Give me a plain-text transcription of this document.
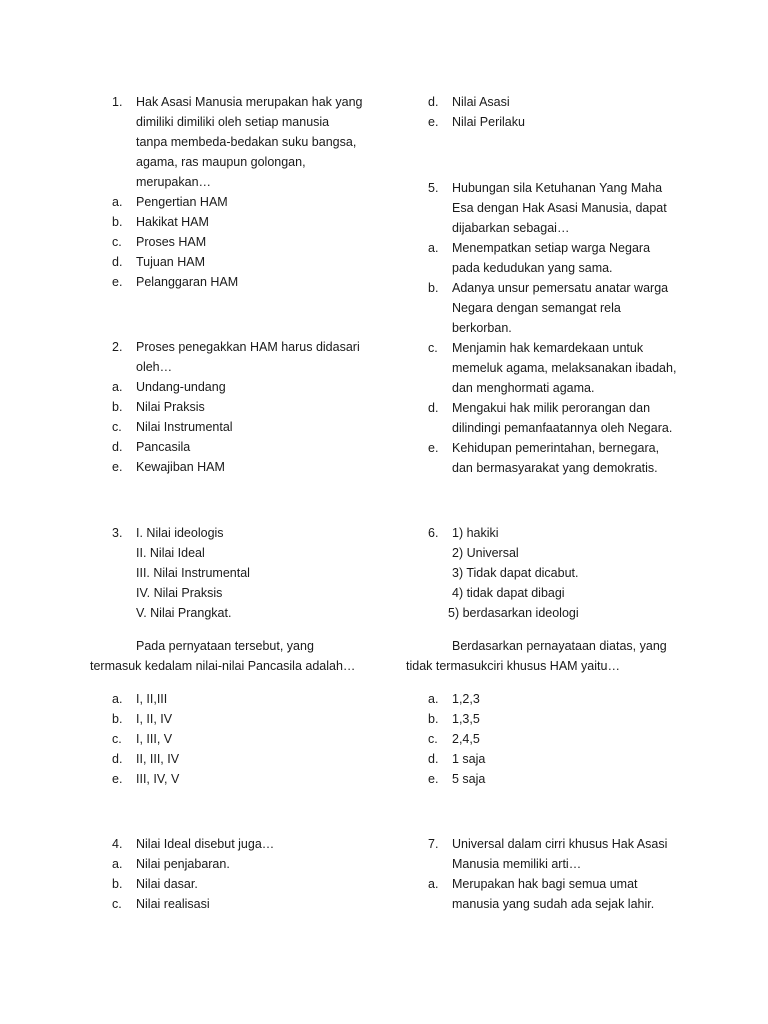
1. Hak Asasi Manusia merupakan hak yang
dimiliki dimiliki oleh setiap manusia
tanpa membeda-bedakan suku bangsa,
agama, ras maupun golongan,
merupakan…
a. Pengertian HAM
b. Hakikat HAM
c. Proses HAM
d. Tujuan HAM
e. Pelanggaran HAM
2. Proses penegakkan HAM harus didasari
oleh…
a. Undang-undang
b. Nilai Praksis
c. Nilai Instrumental
d. Pancasila
e. Kewajiban HAM
3. I. Nilai ideologis
II. Nilai Ideal
III. Nilai Instrumental
IV. Nilai Praksis
V. Nilai Prangkat.
Pada pernyataan tersebut, yang
termasuk kedalam nilai-nilai Pancasila adalah…
a. I, II,III
b. I, II, IV
c. I, III, V
d. II, III, IV
e. III, IV, V
4. Nilai Ideal disebut juga…
a. Nilai penjabaran.
b. Nilai dasar.
c. Nilai realisasi
d. Nilai Asasi
e. Nilai Perilaku
5. Hubungan sila Ketuhanan Yang Maha
Esa dengan Hak Asasi Manusia, dapat
dijabarkan sebagai…
a. Menempatkan setiap warga Negara
pada kedudukan yang sama.
b. Adanya unsur pemersatu anatar warga
Negara dengan semangat rela
berkorban.
c. Menjamin hak kemardekaan untuk
memeluk agama, melaksanakan ibadah,
dan menghormati agama.
d. Mengakui hak milik perorangan dan
dilindingi pemanfaatannya oleh Negara.
e. Kehidupan pemerintahan, bernegara,
dan bermasyarakat yang demokratis.
6. 1) hakiki
2) Universal
3) Tidak dapat dicabut.
4) tidak dapat dibagi
5) berdasarkan ideologi
Berdasarkan pernayataan diatas, yang
tidak termasukciri khusus HAM yaitu…
a. 1,2,3
b. 1,3,5
c. 2,4,5
d. 1 saja
e. 5 saja
7. Universal dalam cirri khusus Hak Asasi
Manusia memiliki arti…
a. Merupakan hak bagi semua umat
manusia yang sudah ada sejak lahir.
